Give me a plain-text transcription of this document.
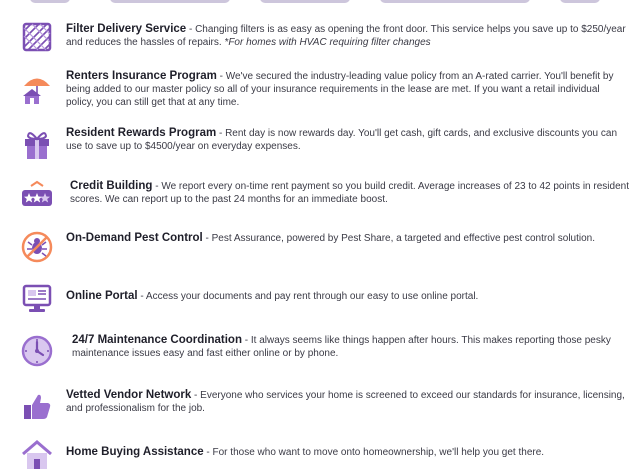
Filter Delivery Service - Changing filters is as easy as opening the front door. This service helps you save up to $250/year and reduces the hassles of repairs. *For homes with HVAC requiring filter changes
Renters Insurance Program - We've secured the industry-leading value policy from an A-rated carrier. You'll benefit by being added to our master policy so all of your insurance requirements in the lease are met. If you want a retail individual policy, you can still get that at any time.
Resident Rewards Program - Rent day is now rewards day. You'll get cash, gift cards, and exclusive discounts you can use to save up to $4500/year on everyday expenses.
Credit Building - We report every on-time rent payment so you build credit. Average increases of 23 to 42 points in resident scores. We can report up to the past 24 months for an immediate boost.
On-Demand Pest Control - Pest Assurance, powered by Pest Share, a targeted and effective pest control solution.
Online Portal - Access your documents and pay rent through our easy to use online portal.
24/7 Maintenance Coordination - It always seems like things happen after hours. This makes reporting those pesky maintenance issues easy and fast either online or by phone.
Vetted Vendor Network - Everyone who services your home is screened to exceed our standards for insurance, licensing, and professionalism for the job.
Home Buying Assistance - For those who want to move onto homeownership, we'll help you get there.
